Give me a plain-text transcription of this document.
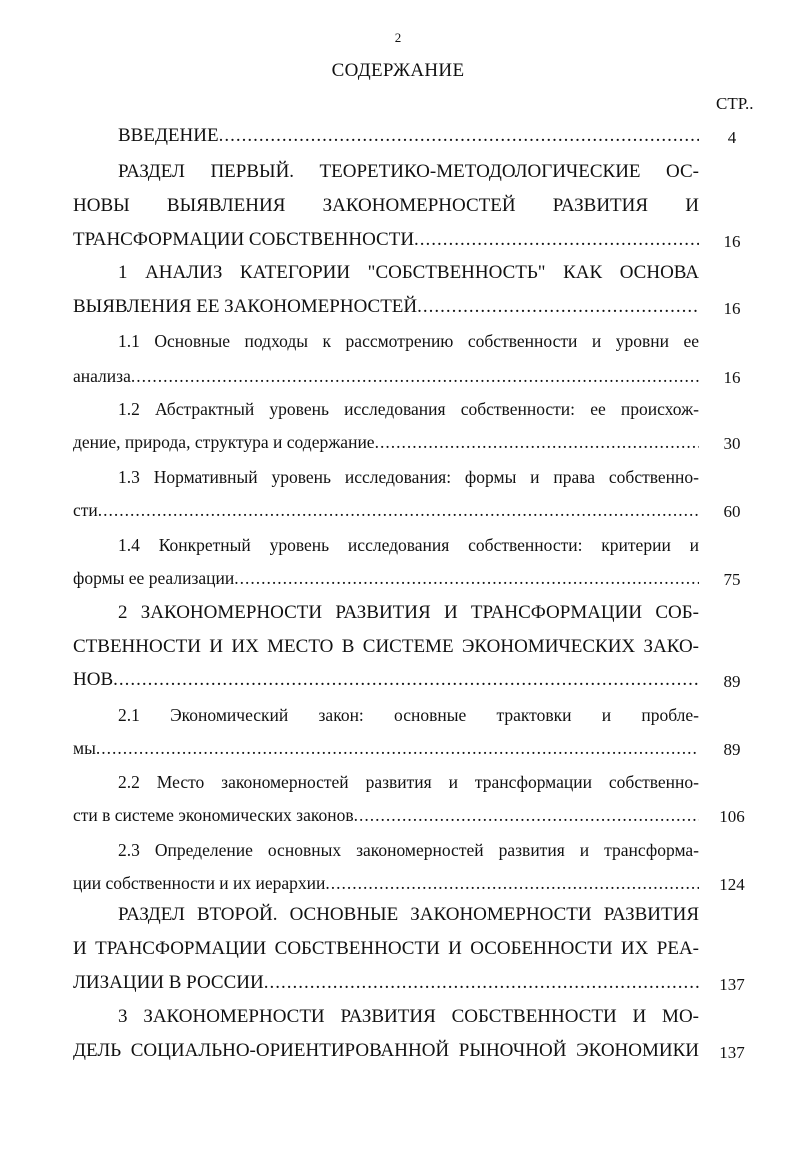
2
СОДЕРЖАНИЕ
СТР..
ВВЕДЕНИЕ .....	4
РАЗДЕЛ ПЕРВЫЙ. ТЕОРЕТИКО-МЕТОДОЛОГИЧЕСКИЕ ОС-
НОВЫ ВЫЯВЛЕНИЯ ЗАКОНОМЕРНОСТЕЙ РАЗВИТИЯ И
ТРАНСФОРМАЦИИ СОБСТВЕННОСТИ .....	16
1 АНАЛИЗ КАТЕГОРИИ "СОБСТВЕННОСТЬ" КАК ОСНОВА
ВЫЯВЛЕНИЯ ЕЕ ЗАКОНОМЕРНОСТЕЙ .....	16
1.1 Основные подходы к рассмотрению собственности и уровни ее
анализа .....	16
1.2 Абстрактный уровень исследования собственности: ее происхож-
дение, природа, структура и содержание .....	30
1.3 Нормативный уровень исследования: формы и права собственно-
сти .....	60
1.4 Конкретный уровень исследования собственности: критерии и
формы ее реализации .....	75
2 ЗАКОНОМЕРНОСТИ РАЗВИТИЯ И ТРАНСФОРМАЦИИ СОБ-
СТВЕННОСТИ И ИХ МЕСТО В СИСТЕМЕ ЭКОНОМИЧЕСКИХ ЗАКО-
НОВ .....	89
2.1 Экономический закон: основные трактовки и пробле-
мы .....	89
2.2 Место закономерностей развития и трансформации собственно-
сти в системе экономических законов .....	106
2.3 Определение основных закономерностей развития и трансформа-
ции собственности и их иерархии .....	124
РАЗДЕЛ ВТОРОЙ. ОСНОВНЫЕ ЗАКОНОМЕРНОСТИ РАЗВИТИЯ
И ТРАНСФОРМАЦИИ СОБСТВЕННОСТИ И ОСОБЕННОСТИ ИХ РЕА-
ЛИЗАЦИИ В РОССИИ .....	137
3 ЗАКОНОМЕРНОСТИ РАЗВИТИЯ СОБСТВЕННОСТИ И МО-
ДЕЛЬ СОЦИАЛЬНО-ОРИЕНТИРОВАННОЙ РЫНОЧНОЙ ЭКОНОМИКИ	137
